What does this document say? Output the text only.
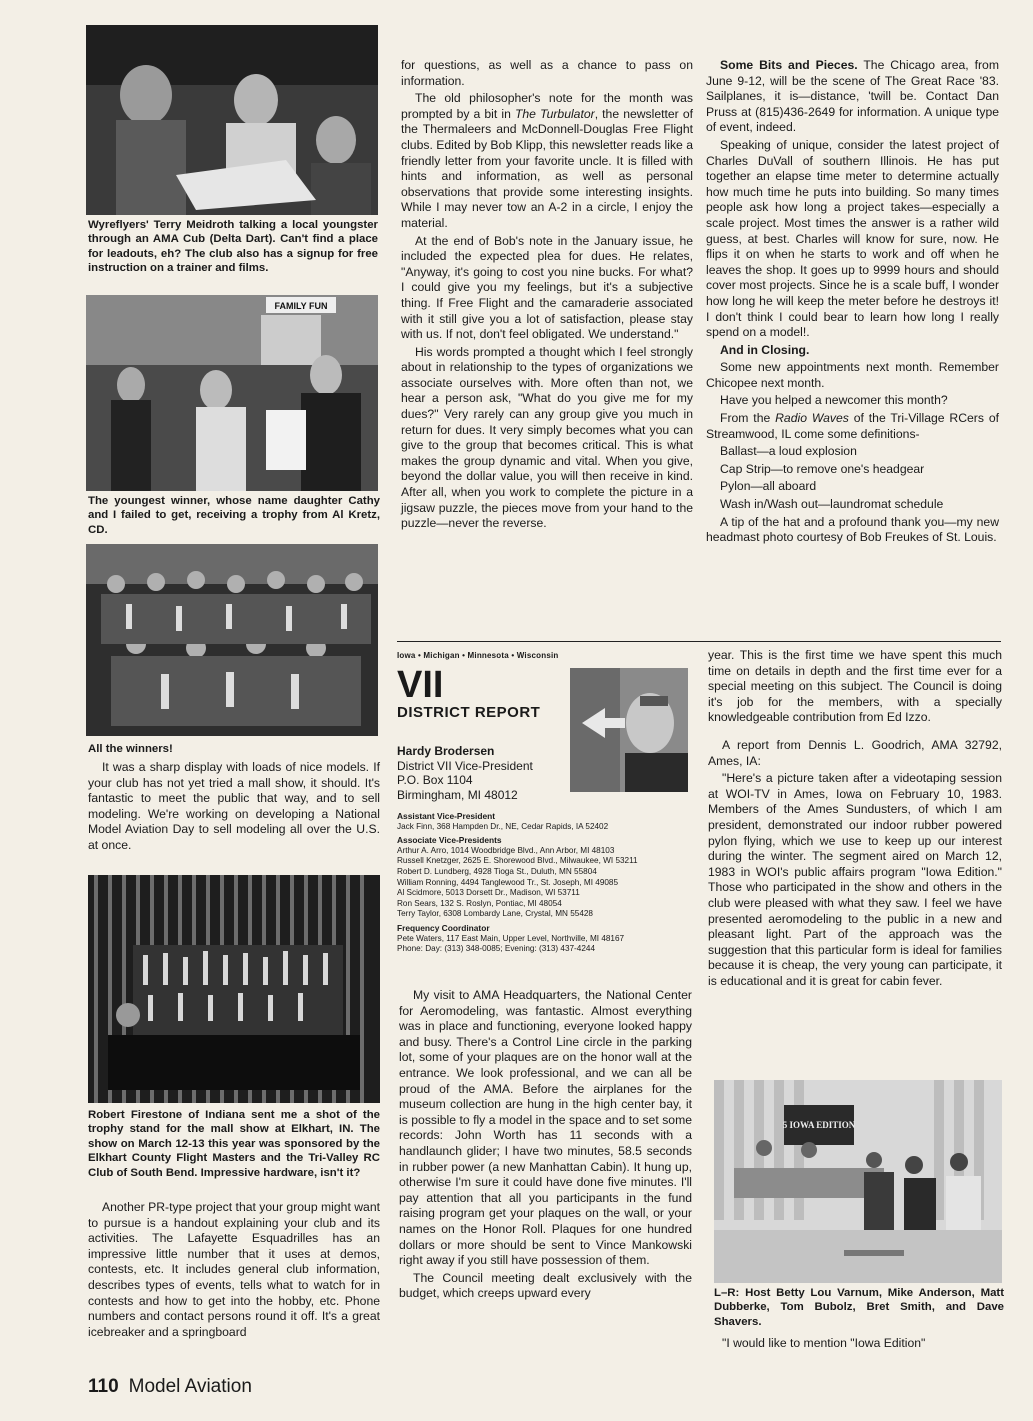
Wyreflyers' Terry Meidroth talking a local youngster through an AMA Cub (Delta Dart). Can't find a place for leadouts, eh? The club also has a signup for free instruction on a trainer and films.
FAMILY FUN
The youngest winner, whose name daughter Cathy and I failed to get, receiving a trophy from Al Kretz, CD.
All the winners!

It was a sharp display with loads of nice models. If your club has not yet tried a mall show, it should. It's fantastic to meet the public that way, and to sell modeling. We're working on developing a National Model Aviation Day to sell modeling all over the U.S. at once.

Robert Firestone of Indiana sent me a shot of the trophy stand for the mall show at Elkhart, IN. The show on March 12-13 this year was sponsored by the Elkhart County Flight Masters and the Tri-Valley RC Club of South Bend. Impressive hardware, isn't it?

Another PR-type project that your group might want to pursue is a handout explaining your club and its activities. The Lafayette Esquadrilles has an impressive little number that it uses at demos, contests, etc. It includes general club information, describes types of events, tells what to watch for in contests and how to get into the hobby, etc. Phone numbers and contact persons round it off. It's a great icebreaker and a springboard

for questions, as well as a chance to pass on information.

The old philosopher's note for the month was prompted by a bit in The Turbulator, the newsletter of the Thermaleers and McDonnell-Douglas Free Flight clubs. Edited by Bob Klipp, this newsletter reads like a friendly letter from your favorite uncle. It is filled with hints and information, as well as personal observations that provide some interesting insights. While I may never tow an A-2 in a circle, I enjoy the material.

At the end of Bob's note in the January issue, he included the expected plea for dues. He relates, "Anyway, it's going to cost you nine bucks. For what? I could give you my feelings, but it's a subjective thing. If Free Flight and the camaraderie associated with it still give you a lot of satisfaction, please stay with us. If not, don't feel obligated. We understand."

His words prompted a thought which I feel strongly about in relationship to the types of organizations we associate ourselves with. More often than not, we hear a person ask, "What do you give me for my dues?" Very rarely can any group give you much in return for dues. It very simply becomes what you can give to the group that becomes critical. This is what makes the group dynamic and vital. When you give, beyond the dollar value, you will then receive in kind. After all, when you work to complete the picture in a jigsaw puzzle, the pieces move from your hand to the puzzle—never the reverse.

Some Bits and Pieces. The Chicago area, from June 9-12, will be the scene of The Great Race '83. Sailplanes, it is—distance, 'twill be. Contact Dan Pruss at (815)436-2649 for information. A unique type of event, indeed.

Speaking of unique, consider the latest project of Charles DuVall of southern Illinois. He has put together an elapse time meter to determine actually how much time he puts into building. So many times people ask how long a project takes—especially a scale project. Most times the answer is a rather wild guess, at best. Charles will know for sure, now. He flips it on when he starts to work and off when he leaves the shop. It goes up to 9999 hours and should cover most projects. Since he is a scale buff, I wonder how long he will keep the meter before he destroys it! I don't think I could bear to learn how long I really spend on a model!.

And in Closing.

Some new appointments next month. Remember Chicopee next month.

Have you helped a newcomer this month?

From the Radio Waves of the Tri-Village RCers of Streamwood, IL come some definitions-

Ballast—a loud explosion

Cap Strip—to remove one's headgear

Pylon—all aboard

Wash in/Wash out—laundromat schedule

A tip of the hat and a profound thank you—my new headmast photo courtesy of Bob Freukes of St. Louis.

Iowa • Michigan • Minnesota • Wisconsin
VII
DISTRICT REPORT
Hardy Brodersen
District VII Vice-President
P.O. Box 1104
Birmingham, MI 48012
Assistant Vice-President
Jack Finn, 368 Hampden Dr., NE, Cedar Rapids, IA 52402
Associate Vice-Presidents
Arthur A. Arro, 1014 Woodbridge Blvd., Ann Arbor, MI 48103
Russell Knetzger, 2625 E. Shorewood Blvd., Milwaukee, WI 53211
Robert D. Lundberg, 4928 Tioga St., Duluth, MN 55804
William Ronning, 4494 Tanglewood Tr., St. Joseph, MI 49085
Al Scidmore, 5013 Dorsett Dr., Madison, WI 53711
Ron Sears, 132 S. Roslyn, Pontiac, MI 48054
Terry Taylor, 6308 Lombardy Lane, Crystal, MN 55428
Frequency Coordinator
Pete Waters, 117 East Main, Upper Level, Northville, MI 48167
Phone: Day: (313) 348-0085; Evening: (313) 437-4244

My visit to AMA Headquarters, the National Center for Aeromodeling, was fantastic. Almost everything was in place and functioning, everyone looked happy and busy. There's a Control Line circle in the parking lot, some of your plaques are on the honor wall at the entrance. We look professional, and we can all be proud of the AMA. Before the airplanes for the museum collection are hung in the high center bay, it is possible to fly a model in the space and to set some records: John Worth has 11 seconds with a handlaunch glider; I have two minutes, 58.5 seconds in rubber power (a new Manhattan Cabin). It hung up, otherwise I'm sure it could have done five minutes. I'll pay attention that all you participants in the fund raising program get your plaques on the wall, or your names on the Honor Roll. Plaques for one hundred dollars or more should be sent to Vince Mankowski right away if you still have possession of them.

The Council meeting dealt exclusively with the budget, which creeps upward every

year. This is the first time we have spent this much time on details in depth and the first time ever for a special meeting on this subject. The Council is doing it's job for the members, with a specially knowledgeable contribution from Ed Izzo.

A report from Dennis L. Goodrich, AMA 32792, Ames, IA:

"Here's a picture taken after a videotaping session at WOI-TV in Ames, Iowa on February 10, 1983. Members of the Ames Sundusters, of which I am president, demonstrated our indoor rubber powered pylon flying, which we use to keep up our interest during the winter. The segment aired on March 12, 1983 in WOI's public affairs program "Iowa Edition." Those who participated in the show and others in the club were pleased with what they saw. I feel we have presented aeromodeling to the public in a new and pleasant light. Part of the approach was the suggestion that this particular form is ideal for families because it is cheap, the very young can participate, it is educational and it is great for cabin fever.

5 IOWA EDITION
L–R: Host Betty Lou Varnum, Mike Anderson, Matt Dubberke, Tom Bubolz, Bret Smith, and Dave Shavers.

"I would like to mention "Iowa Edition"

110 Model Aviation
